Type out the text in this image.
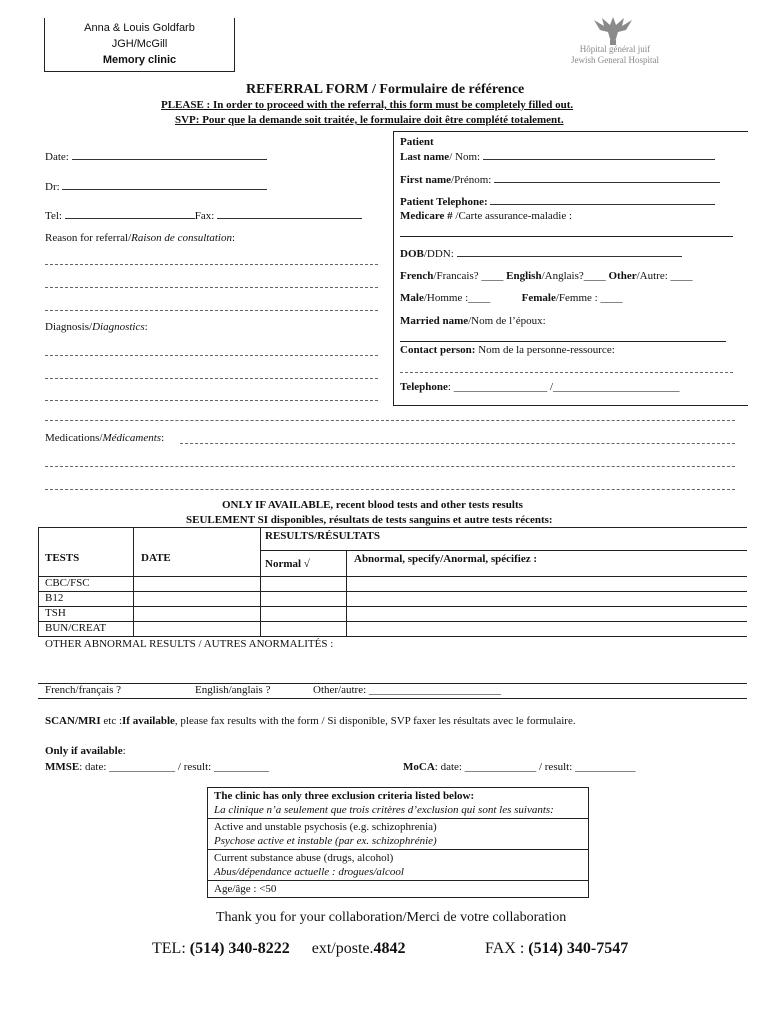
Anna & Louis Goldfarb
JGH/McGill
Memory clinic
Hôpital général juif
Jewish General Hospital
REFERRAL FORM / Formulaire de référence
PLEASE : In order to proceed with the referral, this form must be completely filled out.
SVP: Pour que la demande soit traitée, le formulaire doit être complété totalement.
Date:
Dr:
Tel:	Fax:
Reason for referral/Raison de consultation:
Diagnosis/Diagnostics:
Patient
Last name/ Nom:
First name/Prénom:
Patient Telephone:
Medicare # /Carte assurance-maladie :
DOB/DDN:
French/Francais? ____ English/Anglais?____ Other/Autre: ____
Male/Homme :____	Female/Femme : ____
Married name/Nom de l’époux:
Contact person: Nom de la personne-ressource:
Telephone: _________________ /_______________________
Medications/Médicaments:
ONLY IF AVAILABLE, recent blood tests and other tests results
SEULEMENT SI disponibles, résultats de tests sanguins et autre tests récents:
RESULTS/RÉSULTATS
TESTS	DATE	Normal √	Abnormal, specify/Anormal, spécifiez :
CBC/FSC
B12
TSH
BUN/CREAT
OTHER ABNORMAL RESULTS / AUTRES ANORMALITÉS :
French/français ?	English/anglais ?	Other/autre: ________________________
SCAN/MRI etc :If available, please fax results with the form / Si disponible, SVP faxer les résultats avec le formulaire.
Only if available:
MMSE: date: ____________ / result: __________	MoCA: date: _____________ / result: ___________
The clinic has only three exclusion criteria listed below:
La clinique n’a seulement que trois critères d’exclusion qui sont les suivants:
Active and unstable psychosis (e.g. schizophrenia)
Psychose active et instable (par ex. schizophrénie)
Current substance abuse (drugs, alcohol)
Abus/dépendance actuelle : drogues/alcool
Age/âge : <50
Thank you for your collaboration/Merci de votre collaboration
TEL: (514) 340-8222 ext/poste.4842	FAX : (514) 340-7547
